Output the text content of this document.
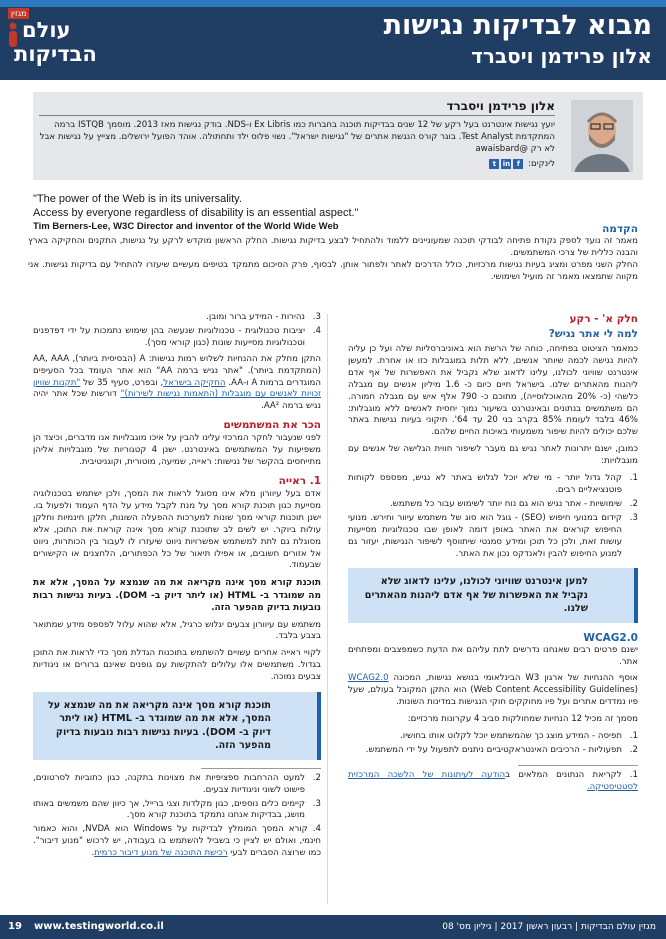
מבוא לבדיקות נגישות
אלון פרידמן ויסברד
מגזין
עולם
הבדיקות
אלון פרידמן ויסברד
יועץ נגישות אינטרנט בעל רקע של 12 שנים בבדיקות תוכנה בחברות כמו Ex Libris ו-NDS. בודק נגישות מאז 2013. מוסמך ISTQB ברמה המתקדמת Test Analyst. בוגר קורס הנגשת אתרים של "נגישות ישראל". נשוי פלוס ילד ותחתולה. אוהד הפועל ירושלים. מצייץ על נגישות אבל לא רק @awaisbard
לינקים: fint
"The power of the Web is in its universality.
Access by everyone regardless of disability is an essential aspect."
Tim Berners-Lee, W3C Director and inventor of the World Wide Web	הקדמה
מאמר זה נועד לספק נקודת פתיחה לבודקי תוכנה שמעוניינים ללמוד ולהתחיל לבצע בדיקות נגישות. החלק הראשון מוקדש לרקע על נגישות, התקנים והחקיקה בארץ והבנה כללית של צרכי המשתמשים.
החלק השני מפרט ומציג בעיות נגישות מרכזיות, כולל הדרכים לאתר ולפתור אותן. לבסוף, פרק הסיכום מתמקד בטיפים מעשיים שיעזרו להתחיל עם בדיקות נגישות. אני מקווה שתמצאו מאמר זה מועיל ושימושי.
חלק א' - רקע
למה לי אתר נגיש?
כמאמר הציטוט בפתיחה, כוחה של הרשת הוא באוניברסליות שלה ועל כן עליה להיות נגישה לכמה שיותר אנשים, ללא תלות במוגבלות כזו או אחרת. למעשן אינטרנט שוויוני לכולנו, עלינו לדאוג שלא נקביל את האפשרות של אף אדם ליהנות מהאתרים שלנו. בישראל חיים כיום כ- 1.6 מיליון אנשים עם מגבלה כלשהי (כ- 20% מהאוכלוסייה), מתוכם כ- 790 אלף איש עם מגבלה חמורה. הם משתמשים בנתונים ובאינטרנט בשיעור נמוך יחסית לאנשים ללא מוגבלות: 46% בלבד לעומת 85% בקרב בני 20 עד 64'. תיקוני בעיות נגישות באתר שלכם יכולים להיות שיפור משמעותי באיכות החיים שלהם.
כמובן, ישנם יתרונות לאתר נגיש גם מעבר לשיפור חווית הגלישה של אנשים עם מוגבלויות:
1.
קהל גדול יותר - מי שלא יוכל לגלוש באתר לא נגיש, מפספס לקוחות פוטנציאליים רבים.
2.
שימושיות - אתר נגיש הוא גם נוח יותר לשימוש עבור כל משתמש.
3.
קידום במנועי חיפוש (SEO) - גוגל הוא סוג של משתמש עיוור וחירש. מנועי החיפוש קוראים את האתר באופן דומה לאופן שבו טכנולוגיות מסייעות עושות זאת, ולכן כל תוכן ומידע סמנטי שיתווסף לשיפור הנגישות, יעזור גם למנוע החיפוש להבין ולאנדקס נכון את האתר.
למען אינטרנט שוויוני לכולנו, עלינו לדאוג שלא נקביל את האפשרות של אף אדם ליהנות מהאתרים שלנו.
WCAG2.0
ישנם פרטים רבים שאנחנו נדרשים לתת עליהם את הדעת כשמפצבים ומפתחים אתר.
אוסף ההנחיות של ארגון W3 הבינלאומי בנושא נגישות, המכונה WCAG2.0 (Web Content Accessibility Guidelines) הוא התקן המקובל בעולם, שעל פיו נמדדים אתרים ועל פיו מחוקקים חוקי הנגישות במדינות השונות.
מסמך זה מכיל 12 הנחיות שמחולקות סביב 4 עקרונות מרכזיים:
1.
תפיסה - המידע מוצג כך שהמשתמש יוכל לקלוט אותו בחושיו.
2.
תפעוליות - הרכיבים האינטראקטיביים ניתנים לתפעול על ידי המשתמש.
1. לקריאת הנתונים המלאים בהודעה לעיתונות של הלשכה המרכזית לסטטיסטיקה.
3.
נהירות - המידע ברור ומובן.
4.
יציבות טכנולוגית - טכנולוגיות שנעשה בהן שימוש נתמכות על ידי דפדפנים וטכנולוגיות מסייעות שונות (כגון קוראי מסך).
התקן מחלק את ההנחיות לשלוש רמות נגישות: A (הבסיסית ביותר), AA, AAA (המתקדמת ביותר). "אתר נגיש ברמה AA" הוא אתר העומד בכל הסעיפים המוגדרים ברמות A ו-AA. החקיקה בישראל, ובפרט, סעיף 35 של "תקנות שוויון זכויות לאנשים עם מוגבלות (התאמות נגישות לשירות)" דורשות שכל אתר יהיה נגיש ברמה AA².
הכר את המשתמשים
לפני שנעבור לחקר המרכזי עלינו להבין על איכו מוגבלויות אנו מדברים, וכיצד הן משפיעות על המשתמשים באינטרנט. ישנן 4 קטגוריות של מוגבלויות אליהן מתייחסים בהקשר של נגישות: ראייה, שמיעה, מוטורית, וקוגניטיבית.
1. ראייה
אדם בעל עיוורון מלא אינו מסוגל לראות את המסך, ולכן ישתמש בטכנולוגיה מסייעת כגון תוכנת קורא מסך על מנת לקבל מידע על הדף העמוד ולפעול בו. ישנן תוכנות קוראי מסך שונות למערכות ההפעלה השונות, חלקן חינמיות וחלקן עולות ביוקר. יש לשים לב שתוכנת קורא מסך אינה קוראת את התוכן, אלא מסוגלת גם לתת למשתמש אפשרויות ניווט שיעזרו לו לעבור בין הכותרות, ניווט אל אזורים חשובים, או אפילו תיאור של כל הכפתורים, הלחצנים או הקישורים שבעמוד.
תוכנת קורא מסך אינה מקריאה את מה שנמצא על המסך, אלא את מה שמוגדר ב- HTML (או ליתר דיוק ב- DOM). בעיות נגישות רבות נובעות בדיוק מהפער הזה.
משתמש עם עיוורון צבעים יגלוש כרגיל, אלא שהוא עלול לפספס מידע שמתואר בצבע בלבד.
לקויי ראייה אחרים עשויים להשתמש בתוכנות הגדלת מסך כדי לראות את התוכן בגדול. משתמשים אלו עלולים להתקשות עם גופנים שאינם ברורים או ניגודיות צבעים נמוכה.
תוכנת קורא מסך אינה מקריאה את מה שנמצא על המסך, אלא את מה שמוגדר ב- HTML (או ליתר דיוק ב- DOM). בעיות נגישות רבות נובעות בדיוק מהפער הזה.
2.
למעט ההרחבות ספציפיות את מצוינות בתקנה, כגון כתוביות לסרטונים, פישוט לשוני וניגודיות צבעים.
3.
קיימים כלים נוספים, כגון מקלדות וצגי ברייל, אך כיוון שהם משמשים באותו מושג, בבדיקות אנחנו נתמקד בתוכנת קורא מסך.
4. קורא המסך המומלץ לבדיקות על Windows הוא NVDA, והוא כאמור חינמי, ואולם יש לציין כי בשביל להשתמש בו בעבודה, יש לרכוש "מנוע דיבור". כמו שרוצה הסברים לבעי רכישת התוכנה של מנוע דיבור כרמית.
19 www.testingworld.co.il	מגזין עולם הבדיקות | רבעון ראשון 2017 | גיליון מס' 08
